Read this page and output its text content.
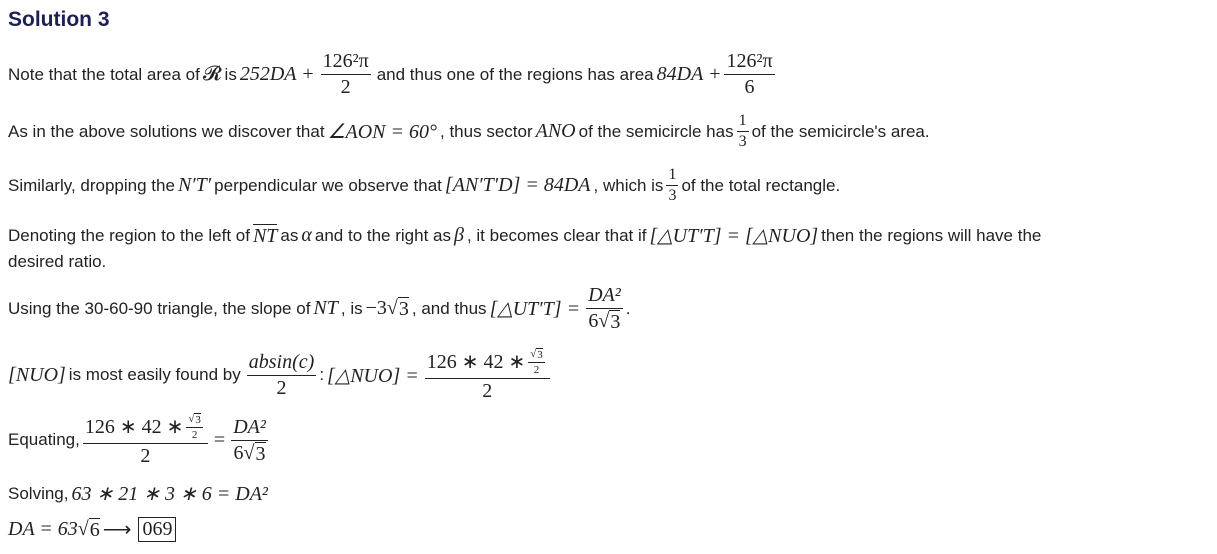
Solution 3
Note that the total area of 𝓡 is $252DA + \frac{\text{126²π}}{2}$ and thus one of the regions has area $84DA + \frac{\text{126²π}}{6}$
As in the above solutions we discover that ∠AON = 60° , thus sector ANO of the semicircle has $\frac{1}{3}$ of the semicircle's area.
Similarly, dropping the N′T′ perpendicular we observe that [AN′T′D] = 84DA , which is $\frac{1}{3}$ of the total rectangle.
Denoting the region to the left of NT as α and to the right as β , it becomes clear that if [△UT′T] = [△NUO] then the regions will have the
desired ratio.
Using the 30-60-90 triangle, the slope of NT , is −3√ 3 , and thus [△UT′T] = $\frac{\text{DA²}}{6√ 3}$ .
[NUO] is most easily found by $\frac{absin(c)}{2}$ : [△NUO] = $\frac{126 ∗ 42 ∗ \frac{√ 3}{2}}{2}$
Equating, $\frac{126 ∗ 42 ∗ \frac{√ 3}{2}}{2} = \frac{\text{DA²}}{6√ 3}$
Solving, 63 ∗ 21 ∗ 3 ∗ 6 = DA²
DA = 63 √ 6 ⟶ 069
